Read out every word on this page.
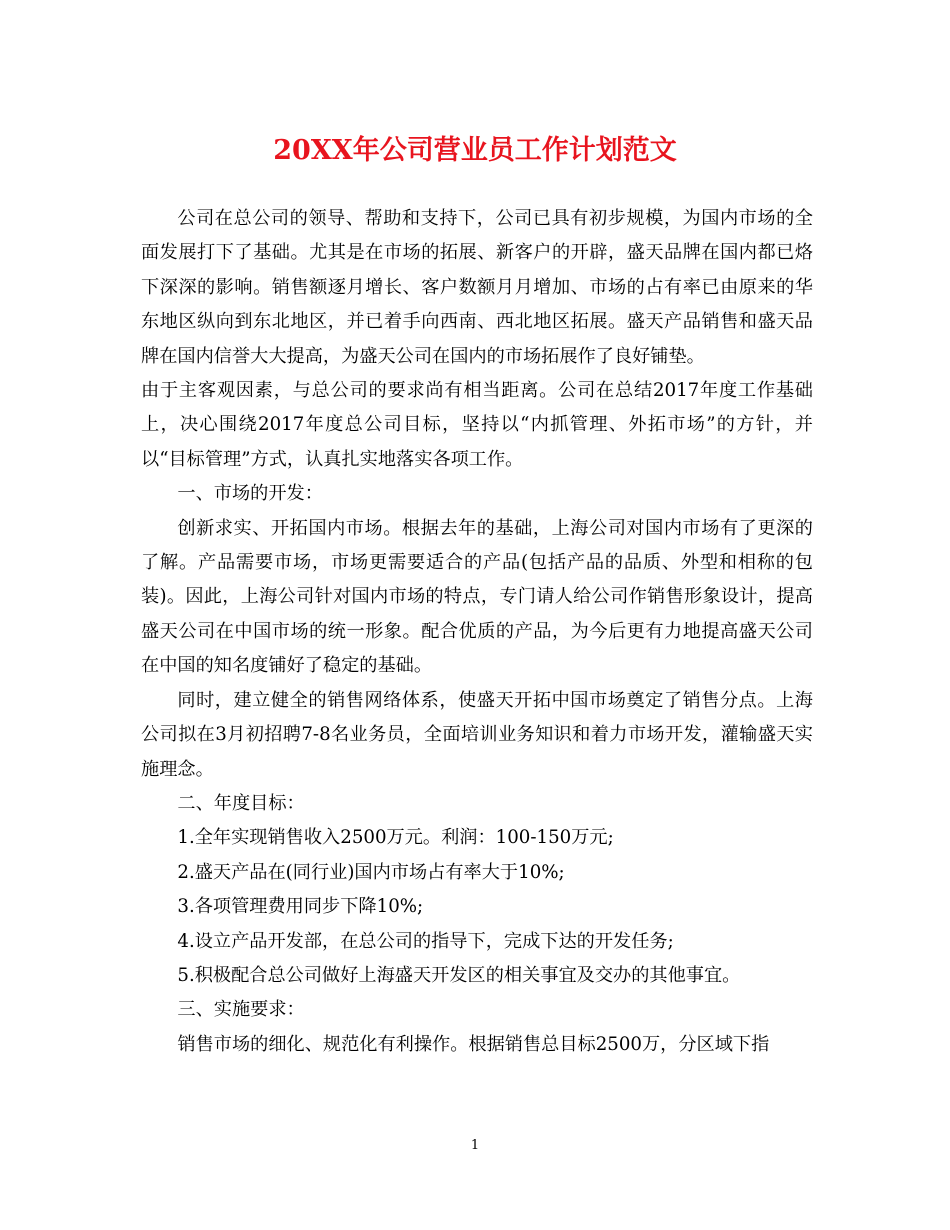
20XX年公司营业员工作计划范文

公司在总公司的领导、帮助和支持下，公司已具有初步规模，为国内市场的全面发展打下了基础。尤其是在市场的拓展、新客户的开辟，盛天品牌在国内都已烙下深深的影响。销售额逐月增长、客户数额月月增加、市场的占有率已由原来的华东地区纵向到东北地区，并已着手向西南、西北地区拓展。盛天产品销售和盛天品牌在国内信誉大大提高，为盛天公司在国内的市场拓展作了良好铺垫。

由于主客观因素，与总公司的要求尚有相当距离。公司在总结2017年度工作基础上，决心围绕2017年度总公司目标，坚持以“内抓管理、外拓市场”的方针，并以“目标管理”方式，认真扎实地落实各项工作。

一、市场的开发：

创新求实、开拓国内市场。根据去年的基础，上海公司对国内市场有了更深的了解。产品需要市场，市场更需要适合的产品(包括产品的品质、外型和相称的包装)。因此，上海公司针对国内市场的特点，专门请人给公司作销售形象设计，提高盛天公司在中国市场的统一形象。配合优质的产品，为今后更有力地提高盛天公司在中国的知名度铺好了稳定的基础。

同时，建立健全的销售网络体系，使盛天开拓中国市场奠定了销售分点。上海公司拟在3月初招聘7-8名业务员，全面培训业务知识和着力市场开发，灌输盛天实施理念。

二、年度目标：

1.全年实现销售收入2500万元。利润：100-150万元;

2.盛天产品在(同行业)国内市场占有率大于10%;

3.各项管理费用同步下降10%;

4.设立产品开发部，在总公司的指导下，完成下达的开发任务;

5.积极配合总公司做好上海盛天开发区的相关事宜及交办的其他事宜。

三、实施要求：

销售市场的细化、规范化有利操作。根据销售总目标2500万，分区域下指

1
